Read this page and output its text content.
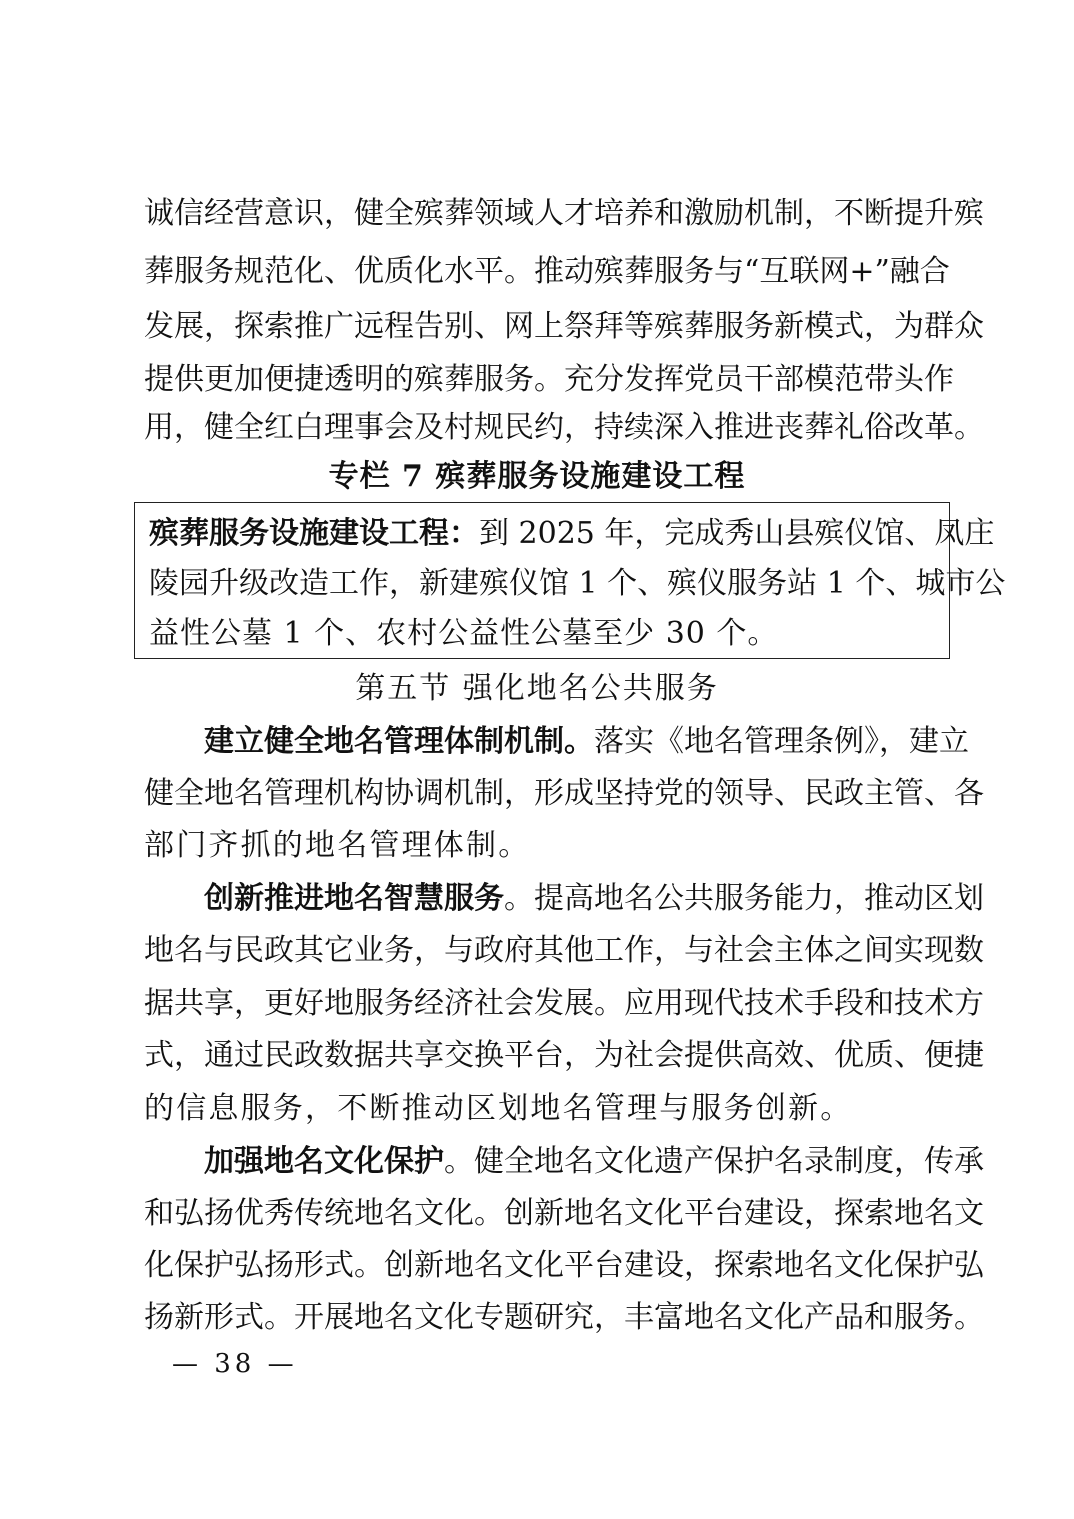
诚信经营意识，健全殡葬领域人才培养和激励机制，不断提升殡
葬服务规范化、优质化水平。推动殡葬服务与“互联网+”融合
发展，探索推广远程告别、网上祭拜等殡葬服务新模式，为群众
提供更加便捷透明的殡葬服务。充分发挥党员干部模范带头作
用，健全红白理事会及村规民约，持续深入推进丧葬礼俗改革。
专栏 7 殡葬服务设施建设工程
殡葬服务设施建设工程：到 2025 年，完成秀山县殡仪馆、凤庄
陵园升级改造工作，新建殡仪馆 1 个、殡仪服务站 1 个、城市公
益性公墓 1 个、农村公益性公墓至少 30 个。
第五节 强化地名公共服务
建立健全地名管理体制机制。落实《地名管理条例》，建立
健全地名管理机构协调机制，形成坚持党的领导、民政主管、各
部门齐抓的地名管理体制。
创新推进地名智慧服务。提高地名公共服务能力，推动区划
地名与民政其它业务，与政府其他工作，与社会主体之间实现数
据共享，更好地服务经济社会发展。应用现代技术手段和技术方
式，通过民政数据共享交换平台，为社会提供高效、优质、便捷
的信息服务，不断推动区划地名管理与服务创新。
加强地名文化保护。健全地名文化遗产保护名录制度，传承
和弘扬优秀传统地名文化。创新地名文化平台建设，探索地名文
化保护弘扬形式。创新地名文化平台建设，探索地名文化保护弘
扬新形式。开展地名文化专题研究，丰富地名文化产品和服务。
— 38 —
